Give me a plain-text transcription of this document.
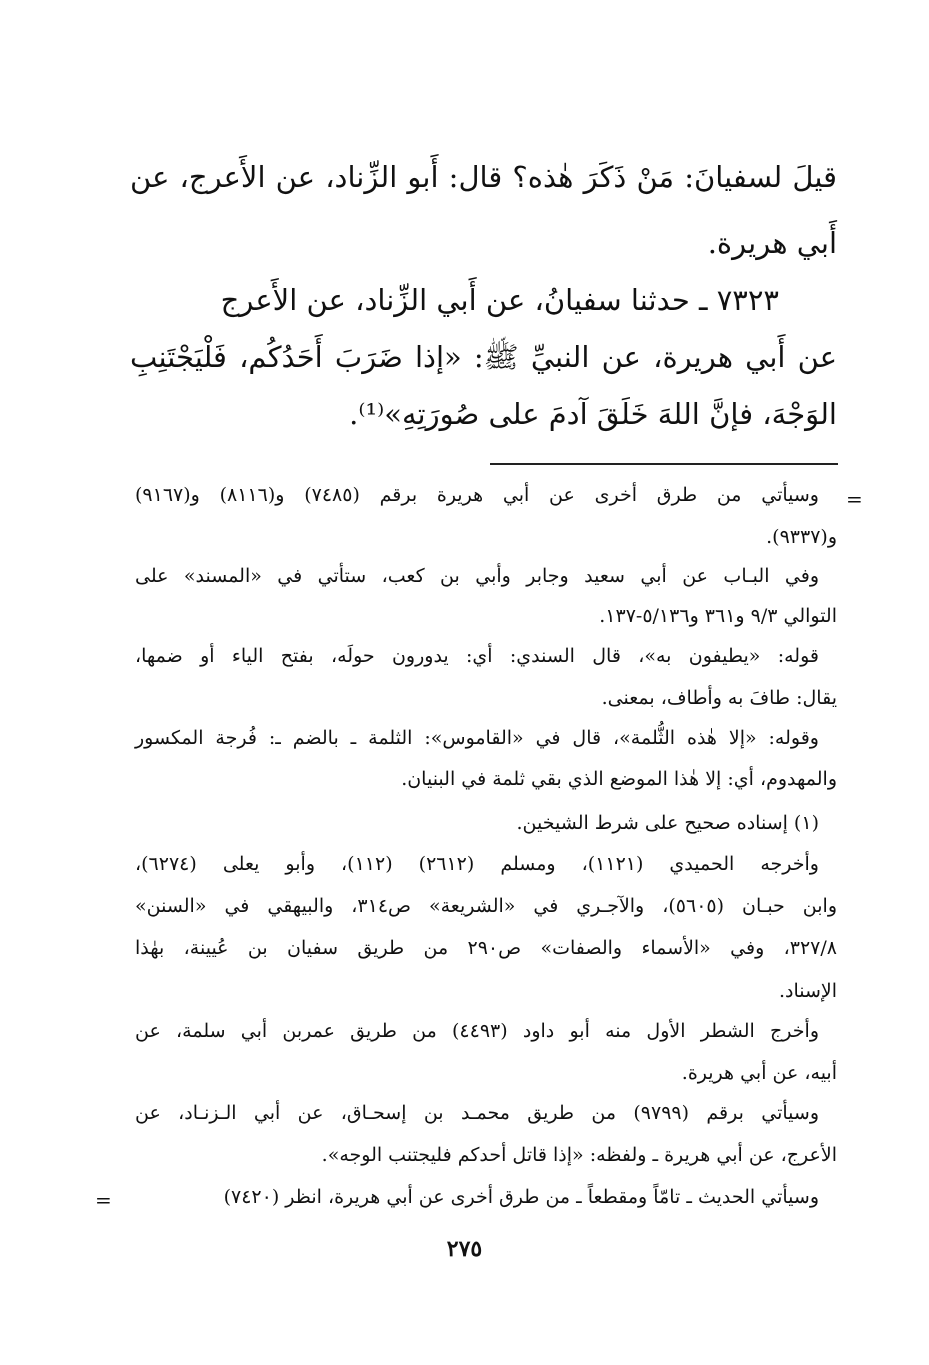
قيلَ لسفيانَ: مَنْ ذَكَرَ هٰذه؟ قال: أَبو الزِّناد، عن الأَعرج، عن
أَبي هريرة.
٧٣٢٣ ـ حدثنا سفيانُ، عن أَبي الزِّناد، عن الأَعرج
عن أَبي هريرة، عن النبيِّ ﷺ: «إذا ضَرَبَ أَحَدُكُم، فَلْيَجْتَنِبِ
الوَجْهَ، فإنَّ اللهَ خَلَقَ آدمَ على صُورَتِهِ»⁽¹⁾.
=
=
وسيأتي من طرق أخرى عن أبي هريرة برقم (٧٤٨٥) و(٨١١٦) و(٩١٦٧)
و(٩٣٣٧).
وفي البـاب عن أبي سعيد وجابر وأبي بن كعب، ستأتي في «المسند» على
التوالي ٩/٣ و٣٦١ و٥/١٣٦-١٣٧.
قوله: «يطيفون به»، قال السندي: أي: يدورون حولَه، بفتح الياء أو ضمها،
يقال: طافَ به وأطاف، بمعنى.
وقوله: «إلا هٰذه الثُّلمة»، قال في «القاموس»: الثلمة ـ بالضم ـ: فُرجة المكسور
والمهدوم، أي: إلا هٰذا الموضع الذي بقي ثلمة في البنيان.
(١) إسناده صحيح على شرط الشيخين.
وأخرجه الحميدي (١١٢١)، ومسلم (٢٦١٢) (١١٢)، وأبو يعلى (٦٢٧٤)،
وابن حبـان (٥٦٠٥)، والآجـري في «الشريعة» ص٣١٤، والبيهقي في «السنن»
٣٢٧/٨، وفي «الأسماء والصفات» ص٢٩٠ من طريق سفيان بن عُيينة، بهٰذا
الإسناد.
وأخرج الشطر الأول منه أبو داود (٤٤٩٣) من طريق عمربن أبي سلمة، عن
أبيه، عن أبي هريرة.
وسيأتي برقم (٩٧٩٩) من طريق محمـد بن إسحـاق، عن أبي الـزنـاد، عن
الأعرج، عن أبي هريرة ـ ولفظه: «إذا قاتل أحدكم فليجتنب الوجه».
وسيأتي الحديث ـ تامّاً ومقطعاً ـ من طرق أخرى عن أبي هريرة، انظر (٧٤٢٠)
٢٧٥
